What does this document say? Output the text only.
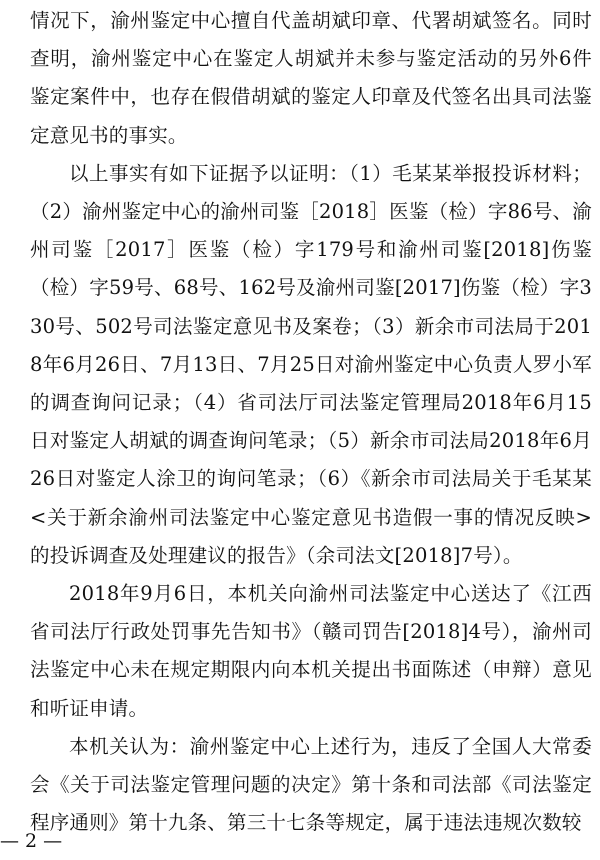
情况下，渝州鉴定中心擅自代盖胡斌印章、代署胡斌签名。同时查明，渝州鉴定中心在鉴定人胡斌并未参与鉴定活动的另外6件鉴定案件中，也存在假借胡斌的鉴定人印章及代签名出具司法鉴定意见书的事实。

以上事实有如下证据予以证明：（1）毛某某举报投诉材料；（2）渝州鉴定中心的渝州司鉴［2018］医鉴（检）字86号、渝州司鉴［2017］医鉴（检）字179号和渝州司鉴[2018]伤鉴（检）字59号、68号、162号及渝州司鉴[2017]伤鉴（检）字330号、502号司法鉴定意见书及案卷；（3）新余市司法局于2018年6月26日、7月13日、7月25日对渝州鉴定中心负责人罗小军的调查询问记录；（4）省司法厅司法鉴定管理局2018年6月15日对鉴定人胡斌的调查询问笔录；（5）新余市司法局2018年6月26日对鉴定人涂卫的询问笔录；（6）《新余市司法局关于毛某某<关于新余渝州司法鉴定中心鉴定意见书造假一事的情况反映>的投诉调查及处理建议的报告》（余司法文[2018]7号）。

2018年9月6日，本机关向渝州司法鉴定中心送达了《江西省司法厅行政处罚事先告知书》（赣司罚告[2018]4号），渝州司法鉴定中心未在规定期限内向本机关提出书面陈述（申辩）意见和听证申请。

本机关认为：渝州鉴定中心上述行为，违反了全国人大常委会《关于司法鉴定管理问题的决定》第十条和司法部《司法鉴定程序通则》第十九条、第三十七条等规定，属于违法违规次数较

— 2 —
